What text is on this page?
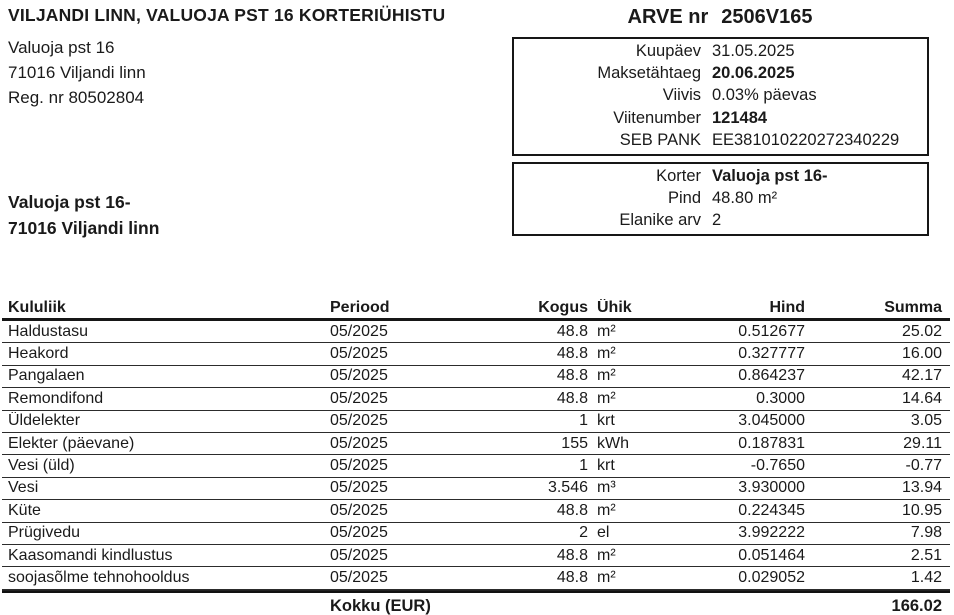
VILJANDI LINN, VALUOJA PST 16 KORTERIÜHISTU
Valuoja pst 16
71016 Viljandi linn
Reg. nr 80502804
ARVE nr 2506V165
Kuupäev 31.05.2025
Maksetähtaeg 20.06.2025
Viivis 0.03% päevas
Viitenumber 121484
SEB PANK EE381010220272340229
Korter Valuoja pst 16-
Pind 48.80 m²
Elanike arv 2
Valuoja pst 16-
71016 Viljandi linn
Kululiik	Periood	Kogus Ühik	Hind	Summa
Haldustasu	05/2025	48.8 m²	0.512677	25.02
Heakord	05/2025	48.8 m²	0.327777	16.00
Pangalaen	05/2025	48.8 m²	0.864237	42.17
Remondifond	05/2025	48.8 m²	0.3000	14.64
Üldelekter	05/2025	1 krt	3.045000	3.05
Elekter (päevane)	05/2025	155 kWh	0.187831	29.11
Vesi (üld)	05/2025	1 krt	-0.7650	-0.77
Vesi	05/2025	3.546 m³	3.930000	13.94
Küte	05/2025	48.8 m²	0.224345	10.95
Prügivedu	05/2025	2 el	3.992222	7.98
Kaasomandi kindlustus	05/2025	48.8 m²	0.051464	2.51
soojasõlme tehnohooldus	05/2025	48.8 m²	0.029052	1.42
Kokku (EUR)	166.02
